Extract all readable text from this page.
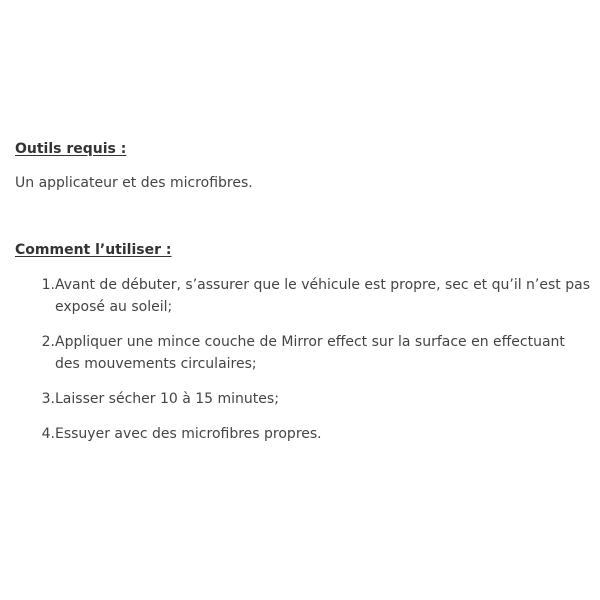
Outils requis :

Un applicateur et des microfibres.

Comment l’utiliser :

1. Avant de débuter, s’assurer que le véhicule est propre, sec et qu’il n’est pas exposé au soleil;
2. Appliquer une mince couche de Mirror effect sur la surface en effectuant des mouvements circulaires;
3. Laisser sécher 10 à 15 minutes;
4. Essuyer avec des microfibres propres.
